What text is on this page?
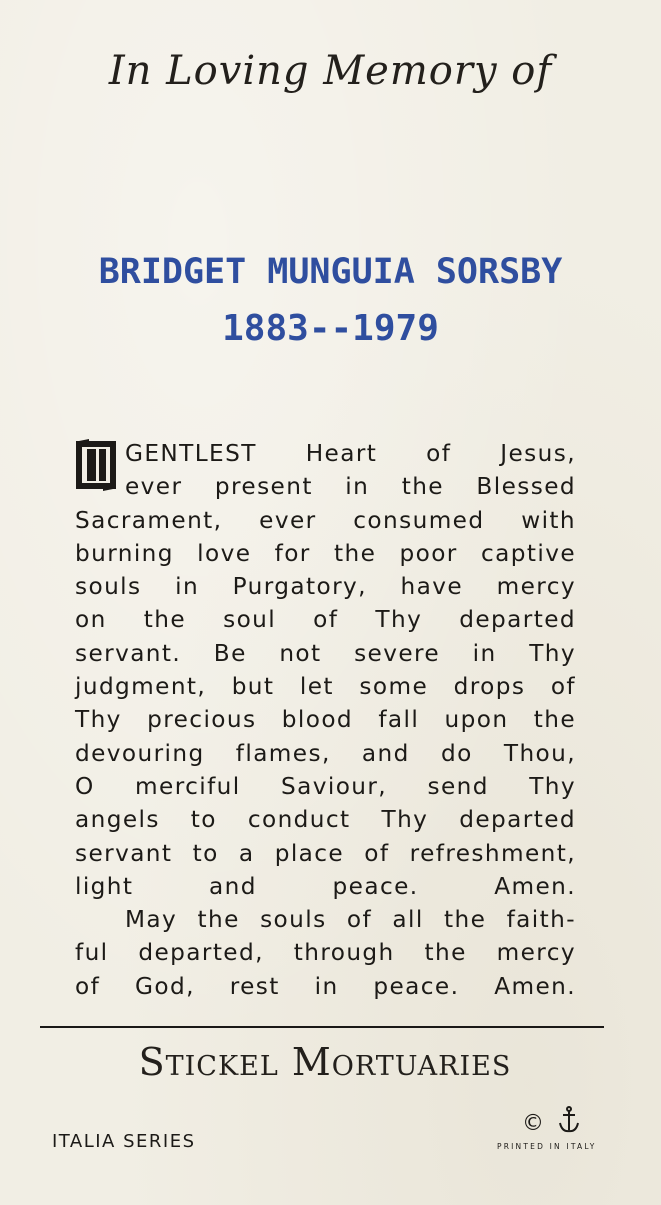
In Loving Memory of
BRIDGET MUNGUIA SORSBY
1883--1979
GENTLEST Heart of Jesus,
ever present in the Blessed
Sacrament, ever consumed with
burning love for the poor captive
souls in Purgatory, have mercy
on the soul of Thy departed
servant. Be not severe in Thy
judgment, but let some drops of
Thy precious blood fall upon the
devouring flames, and do Thou,
O merciful Saviour, send Thy
angels to conduct Thy departed
servant to a place of refreshment,
light and peace. Amen.
May the souls of all the faith-
ful departed, through the mercy
of God, rest in peace. Amen.
Stickel Mortuaries
ITALIA SERIES
©
PRINTED IN ITALY
